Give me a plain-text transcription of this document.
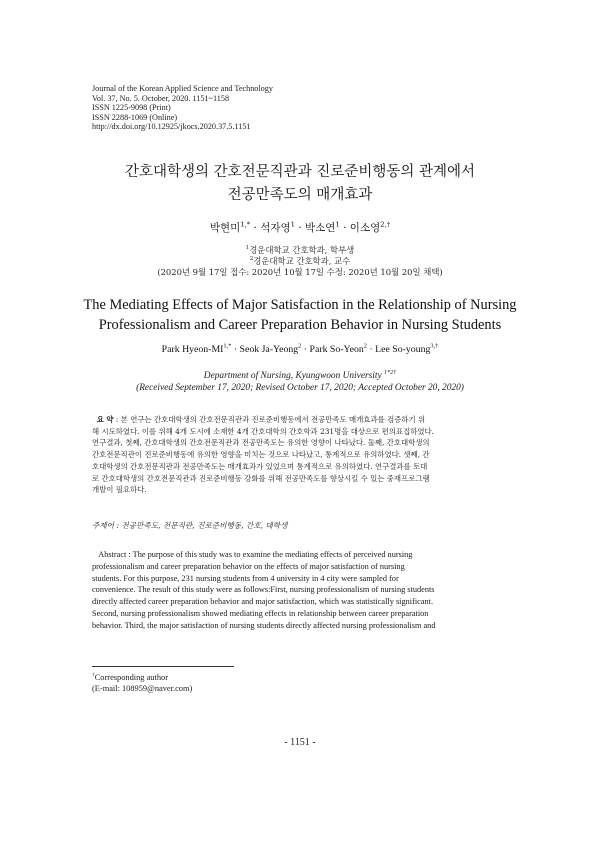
Journal of the Korean Applied Science and Technology
Vol. 37, No. 5. October, 2020. 1151~1158
ISSN 1225-9098 (Print)
ISSN 2288-1069 (Online)
http://dx.doi.org/10.12925/jkocs.2020.37.5.1151
간호대학생의 간호전문직관과 진로준비행동의 관계에서
전공만족도의 매개효과
박현미$^{1,*}$ · 석자영$^1$ · 박소연$^1$ · 이소영$^{2,\dagger}$
$^1$경운대학교 간호학과, 학부생
$^2$경운대학교 간호학과, 교수
(2020년 9월 17일 접수: 2020년 10월 17일 수정: 2020년 10월 20일 채택)
The Mediating Effects of Major Satisfaction in the Relationship of Nursing
Professionalism and Career Preparation Behavior in Nursing Students
Park Hyeon-$MI^{1,*}$ · Seok Ja-Yeong$^2$ · Park So-Yeon$^2$ · Lee So-young$^{3,\dagger}$
Department of Nursing, Kyungwoon University $^{1*2\dagger}$
(Received September 17, 2020; Revised October 17, 2020; Accepted October 20, 2020)
요 약 : 본 연구는 간호대학생의 간호전문직관과 진로준비행동에서 전공만족도 매개효과를 검증하기 위
해 시도하였다. 이를 위해 4개 도시에 소재한 4개 간호대학의 간호학과 231명을 대상으로 편의표집하였다.
연구결과, 첫째, 간호대학생의 간호전문직관과 전공만족도는 유의한 영향이 나타났다. 둘째, 간호대학생의
간호전문직관이 진로준비행동에 유의한 영향을 미치는 것으로 나타났고, 통계적으로 유의하였다. 셋째, 간
호대학생의 간호전문직관과 전공만족도는 매개효과가 있었으며 통계적으로 유의하였다. 연구결과를 토대
로 간호대학생의 간호전문직관과 진로준비행동 강화를 위해 전공만족도를 향상시킬 수 있는 중재프로그램
개발이 필요하다.
주제어 : 전공만족도, 전문직관, 진로준비행동, 간호, 대학생
Abstract : The purpose of this study was to examine the mediating effects of perceived nursing
professionalism and career preparation behavior on the effects of major satisfaction of nursing
students. For this purpose, 231 nursing students from 4 university in 4 city were sampled for
convenience. The result of this study were as follows:First, nursing professionalism of nursing students
directly affected career preparation behavior and major satisfaction, which was statistically significant.
Second, nursing professionalism showed mediating effects in relationship between career preparation
behavior. Third, the major satisfaction of nursing students directly affected nursing professionalism and
†Corresponding author
(E-mail: 108959@naver.com)
- 1151 -
